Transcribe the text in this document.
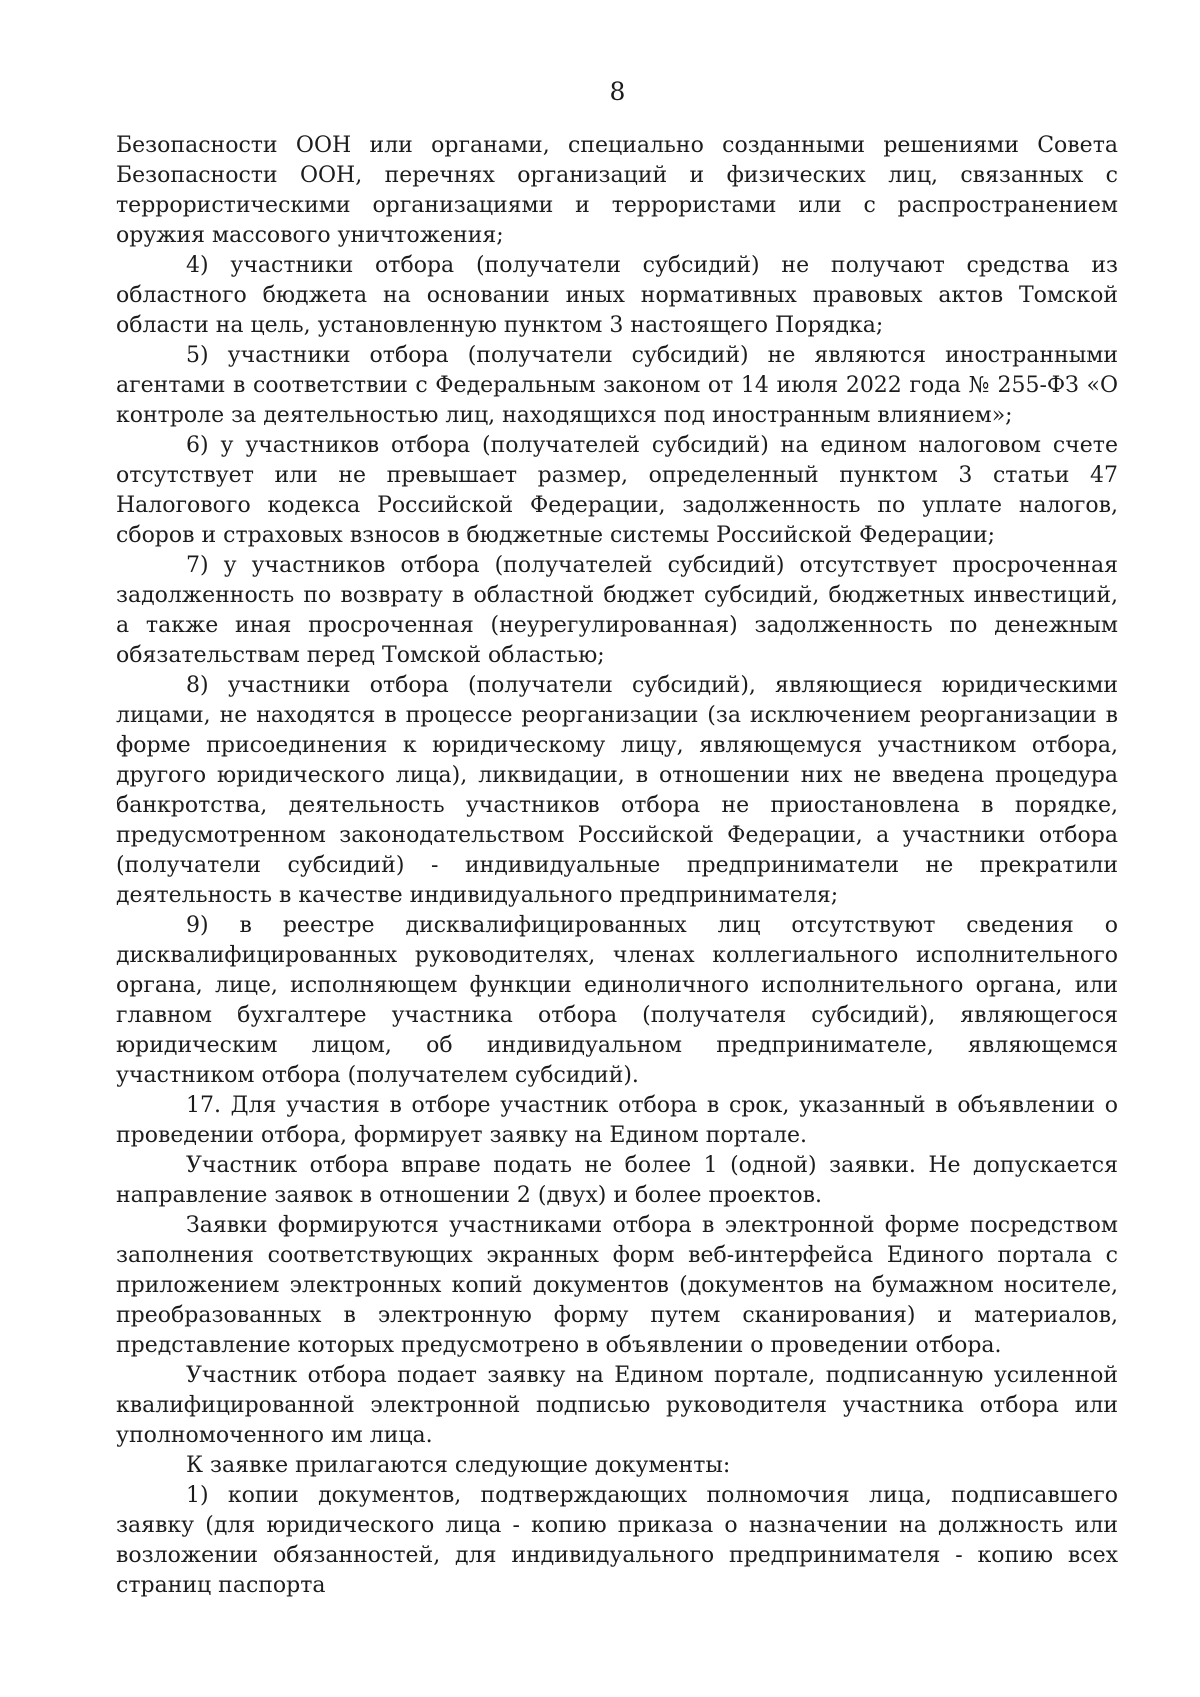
8

Безопасности ООН или органами, специально созданными решениями Совета Безопасности ООН, перечнях организаций и физических лиц, связанных с террористическими организациями и террористами или с распространением оружия массового уничтожения;

4) участники отбора (получатели субсидий) не получают средства из областного бюджета на основании иных нормативных правовых актов Томской области на цель, установленную пунктом 3 настоящего Порядка;

5) участники отбора (получатели субсидий) не являются иностранными агентами в соответствии с Федеральным законом от 14 июля 2022 года № 255-ФЗ «О контроле за деятельностью лиц, находящихся под иностранным влиянием»;

6) у участников отбора (получателей субсидий) на едином налоговом счете отсутствует или не превышает размер, определенный пунктом 3 статьи 47 Налогового кодекса Российской Федерации, задолженность по уплате налогов, сборов и страховых взносов в бюджетные системы Российской Федерации;

7) у участников отбора (получателей субсидий) отсутствует просроченная задолженность по возврату в областной бюджет субсидий, бюджетных инвестиций, а также иная просроченная (неурегулированная) задолженность по денежным обязательствам перед Томской областью;

8) участники отбора (получатели субсидий), являющиеся юридическими лицами, не находятся в процессе реорганизации (за исключением реорганизации в форме присоединения к юридическому лицу, являющемуся участником отбора, другого юридического лица), ликвидации, в отношении них не введена процедура банкротства, деятельность участников отбора не приостановлена в порядке, предусмотренном законодательством Российской Федерации, а участники отбора (получатели субсидий) - индивидуальные предприниматели не прекратили деятельность в качестве индивидуального предпринимателя;

9) в реестре дисквалифицированных лиц отсутствуют сведения о дисквалифицированных руководителях, членах коллегиального исполнительного органа, лице, исполняющем функции единоличного исполнительного органа, или главном бухгалтере участника отбора (получателя субсидий), являющегося юридическим лицом, об индивидуальном предпринимателе, являющемся участником отбора (получателем субсидий).

17. Для участия в отборе участник отбора в срок, указанный в объявлении о проведении отбора, формирует заявку на Едином портале.

Участник отбора вправе подать не более 1 (одной) заявки. Не допускается направление заявок в отношении 2 (двух) и более проектов.

Заявки формируются участниками отбора в электронной форме посредством заполнения соответствующих экранных форм веб-интерфейса Единого портала с приложением электронных копий документов (документов на бумажном носителе, преобразованных в электронную форму путем сканирования) и материалов, представление которых предусмотрено в объявлении о проведении отбора.

Участник отбора подает заявку на Едином портале, подписанную усиленной квалифицированной электронной подписью руководителя участника отбора или уполномоченного им лица.

К заявке прилагаются следующие документы:

1) копии документов, подтверждающих полномочия лица, подписавшего заявку (для юридического лица - копию приказа о назначении на должность или возложении обязанностей, для индивидуального предпринимателя - копию всех страниц паспорта
